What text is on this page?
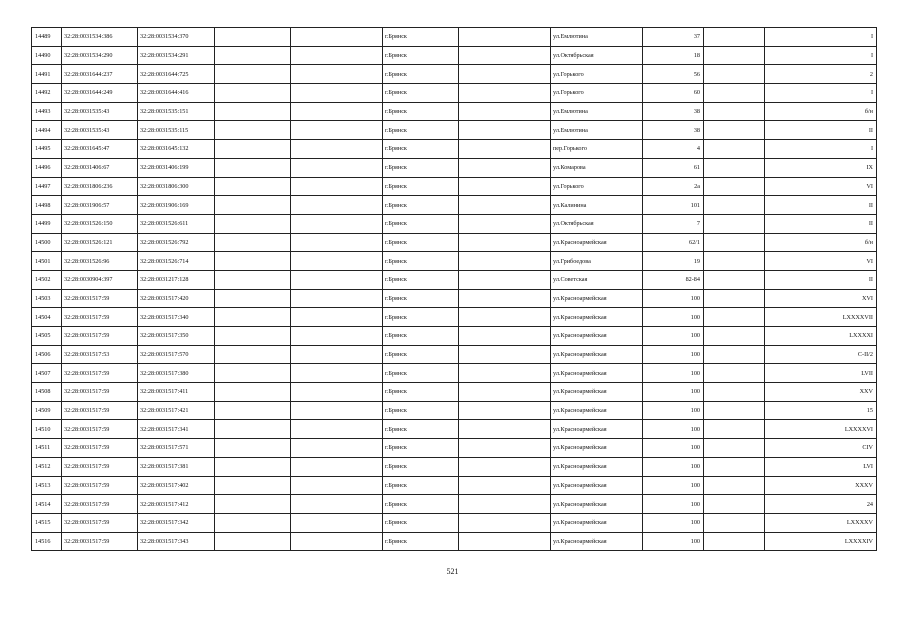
14489	32:28:0031534:386	32:28:0031534:370			г.Брянск		ул.Емлютина	37		I
14490	32:28:0031534:290	32:28:0031534:291			г.Брянск		ул.Октябрьская	18		I
14491	32:28:0031644:237	32:28:0031644:725			г.Брянск		ул.Горького	56		2
14492	32:28:0031644:249	32:28:0031644:416			г.Брянск		ул.Горького	60		I
14493	32:28:0031535:43	32:28:0031535:151			г.Брянск		ул.Емлютина	38		б/н
14494	32:28:0031535:43	32:28:0031535:115			г.Брянск		ул.Емлютина	38		II
14495	32:28:0031645:47	32:28:0031645:132			г.Брянск		пер.Горького	4		I
14496	32:28:0031406:67	32:28:0031406:199			г.Брянск		ул.Комарова	61		IX
14497	32:28:0031806:236	32:28:0031806:300			г.Брянск		ул.Горького	2а		VI
14498	32:28:0031906:57	32:28:0031906:169			г.Брянск		ул.Калинина	101		II
14499	32:28:0031526:150	32:28:0031526:611			г.Брянск		ул.Октябрьская	7		II
14500	32:28:0031526:121	32:28:0031526:792			г.Брянск		ул.Красноармейская	62/1		б/н
14501	32:28:0031526:96	32:28:0031526:714			г.Брянск		ул.Грибоедова	19		VI
14502	32:28:0030904:397	32:28:0031217:128			г.Брянск		ул.Советская	82-84		II
14503	32:28:0031517:59	32:28:0031517:420			г.Брянск		ул.Красноармейская	100		XVI
14504	32:28:0031517:59	32:28:0031517:340			г.Брянск		ул.Красноармейская	100		LXXXXVII
14505	32:28:0031517:59	32:28:0031517:350			г.Брянск		ул.Красноармейская	100		LXXXXI
14506	32:28:0031517:53	32:28:0031517:570			г.Брянск		ул.Красноармейская	100		С-II/2
14507	32:28:0031517:59	32:28:0031517:380			г.Брянск		ул.Красноармейская	100		LVII
14508	32:28:0031517:59	32:28:0031517:411			г.Брянск		ул.Красноармейская	100		XXV
14509	32:28:0031517:59	32:28:0031517:421			г.Брянск		ул.Красноармейская	100		15
14510	32:28:0031517:59	32:28:0031517:341			г.Брянск		ул.Красноармейская	100		LXXXXVI
14511	32:28:0031517:59	32:28:0031517:571			г.Брянск		ул.Красноармейская	100		CIV
14512	32:28:0031517:59	32:28:0031517:381			г.Брянск		ул.Красноармейская	100		LVI
14513	32:28:0031517:59	32:28:0031517:402			г.Брянск		ул.Красноармейская	100		XXXV
14514	32:28:0031517:59	32:28:0031517:412			г.Брянск		ул.Красноармейская	100		24
14515	32:28:0031517:59	32:28:0031517:342			г.Брянск		ул.Красноармейская	100		LXXXXV
14516	32:28:0031517:59	32:28:0031517:343			г.Брянск		ул.Красноармейская	100		LXXXXIV
521
